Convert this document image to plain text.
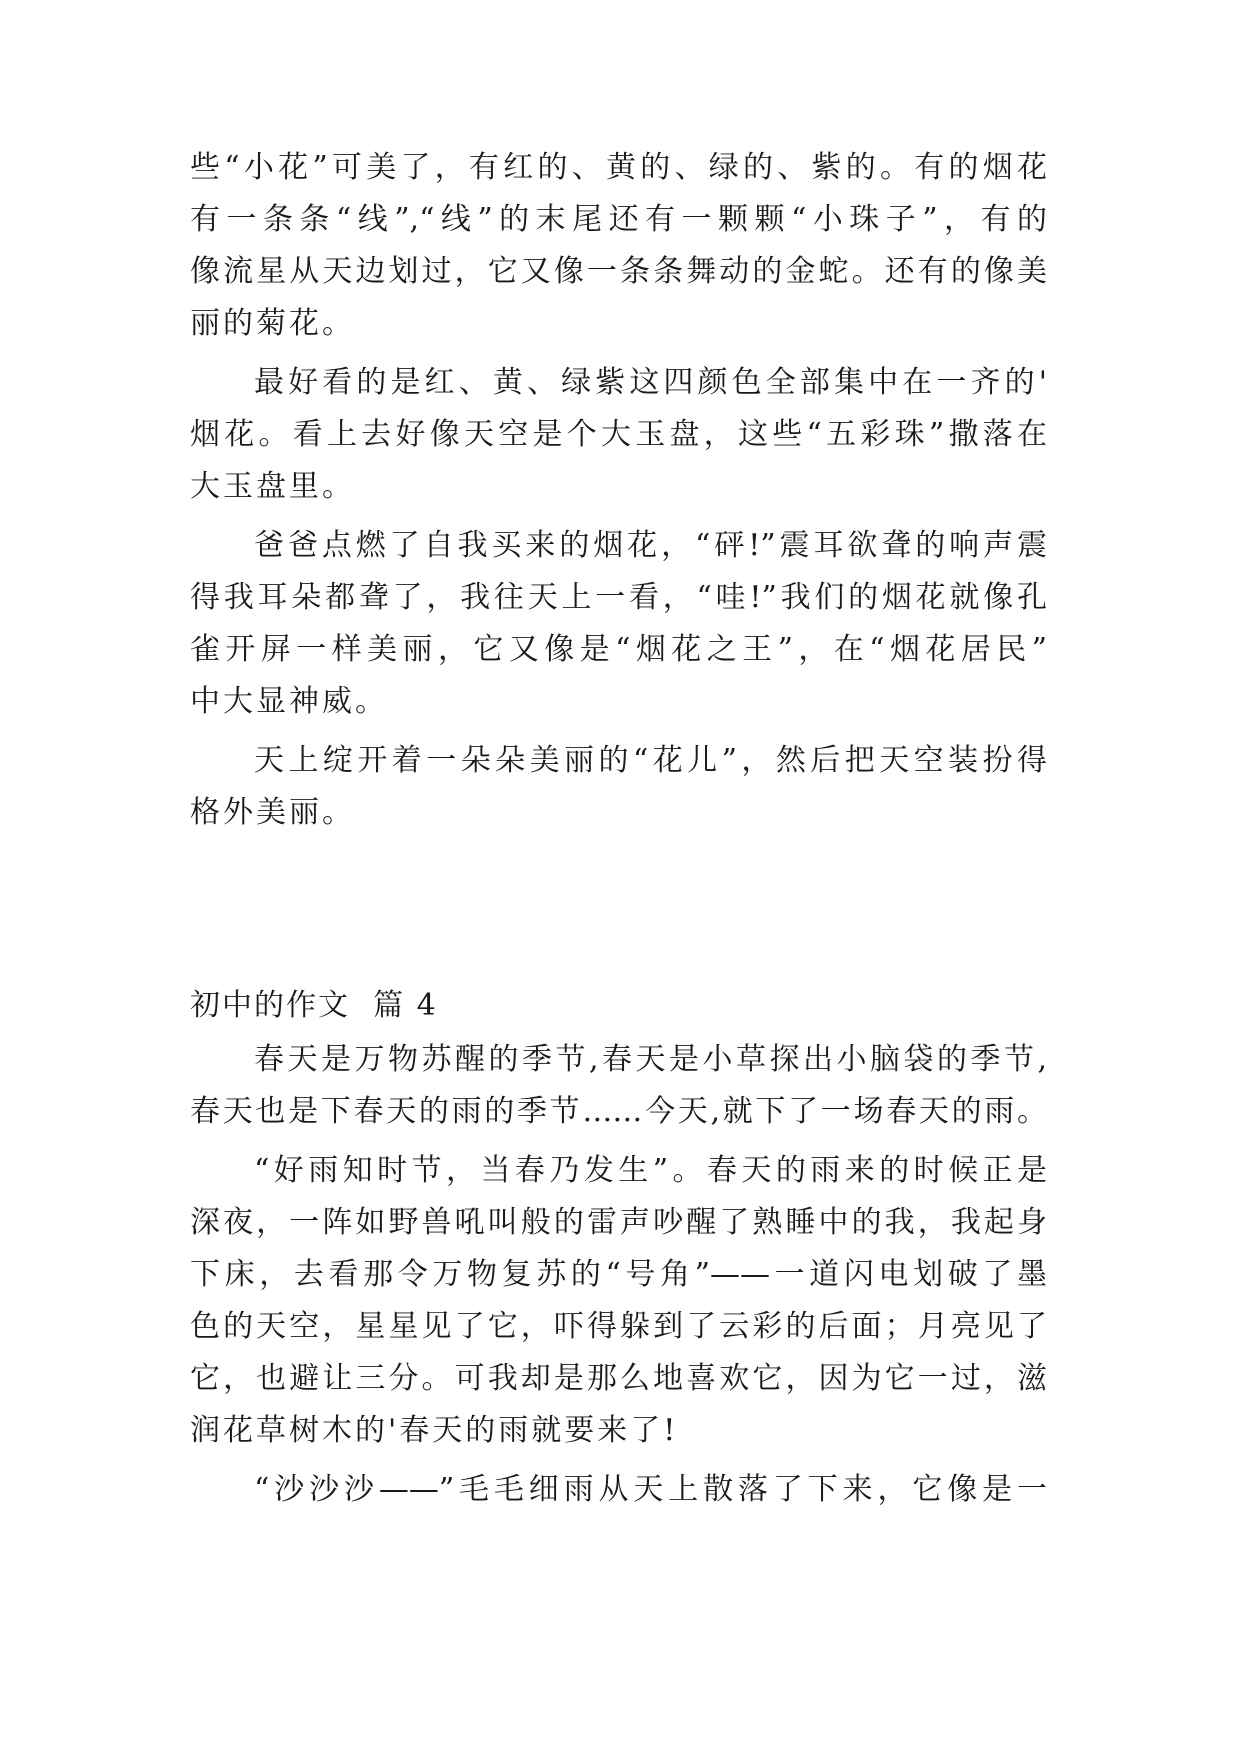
些“小花”可美了，有红的、黄的、绿的、紫的。有的烟花
有一条条“线”,“线”的末尾还有一颗颗“小珠子”，有的
像流星从天边划过，它又像一条条舞动的金蛇。还有的像美
丽的菊花。
最好看的是红、黄、绿紫这四颜色全部集中在一齐的'
烟花。看上去好像天空是个大玉盘，这些“五彩珠”撒落在
大玉盘里。
爸爸点燃了自我买来的烟花，“砰!”震耳欲聋的响声震
得我耳朵都聋了，我往天上一看，“哇!”我们的烟花就像孔
雀开屏一样美丽，它又像是“烟花之王”，在“烟花居民”
中大显神威。
天上绽开着一朵朵美丽的“花儿”，然后把天空装扮得
格外美丽。
初中的作文  篇 4
春天是万物苏醒的季节,春天是小草探出小脑袋的季节,
春天也是下春天的雨的季节……今天,就下了一场春天的雨。
“好雨知时节，当春乃发生”。春天的雨来的时候正是
深夜，一阵如野兽吼叫般的雷声吵醒了熟睡中的我，我起身
下床，去看那令万物复苏的“号角”——一道闪电划破了墨
色的天空，星星见了它，吓得躲到了云彩的后面；月亮见了
它，也避让三分。可我却是那么地喜欢它，因为它一过，滋
润花草树木的'春天的雨就要来了!
“沙沙沙——”毛毛细雨从天上散落了下来，它像是一
